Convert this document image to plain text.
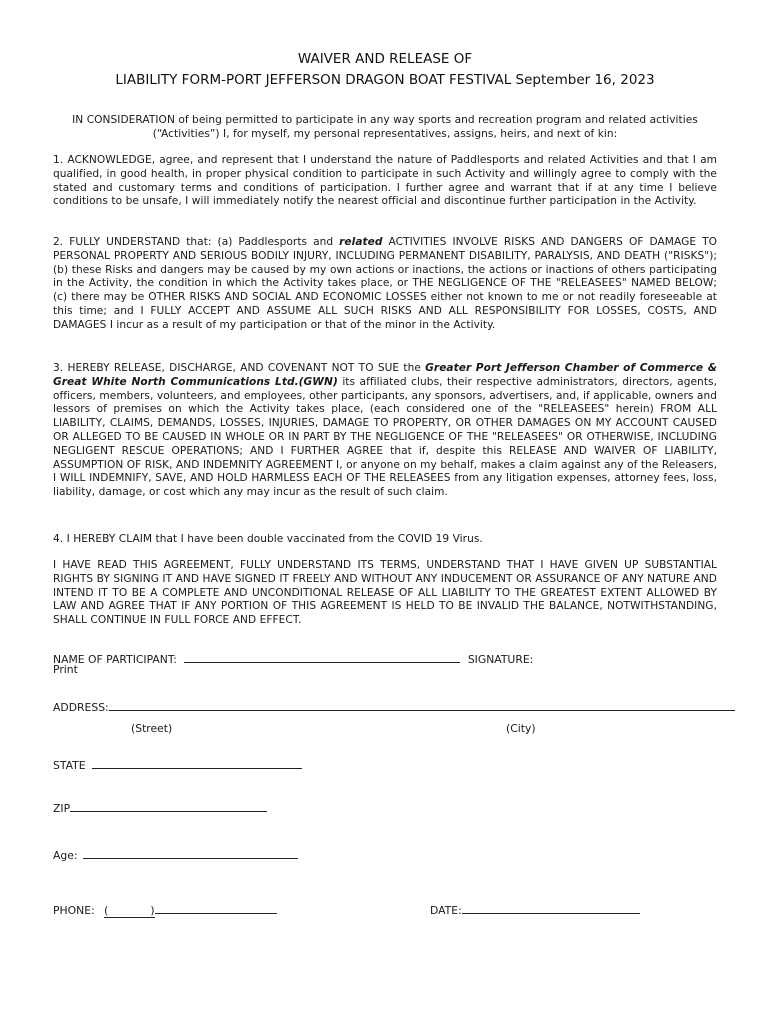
WAIVER AND RELEASE OF
LIABILITY FORM-PORT JEFFERSON DRAGON BOAT FESTIVAL September 16, 2023

IN CONSIDERATION of being permitted to participate in any way sports and recreation program and related activities (“Activities”) I, for myself, my personal representatives, assigns, heirs, and next of kin:

1. ACKNOWLEDGE, agree, and represent that I understand the nature of Paddlesports and related Activities and that I am qualified, in good health, in proper physical condition to participate in such Activity and willingly agree to comply with the stated and customary terms and conditions of participation. I further agree and warrant that if at any time I believe conditions to be unsafe, I will immediately notify the nearest official and discontinue further participation in the Activity.

2. FULLY UNDERSTAND that: (a) Paddlesports and related ACTIVITIES INVOLVE RISKS AND DANGERS OF DAMAGE TO PERSONAL PROPERTY AND SERIOUS BODILY INJURY, INCLUDING PERMANENT DISABILITY, PARALYSIS, AND DEATH ("RISKS"); (b) these Risks and dangers may be caused by my own actions or inactions, the actions or inactions of others participating in the Activity, the condition in which the Activity takes place, or THE NEGLIGENCE OF THE "RELEASEES" NAMED BELOW; (c) there may be OTHER RISKS AND SOCIAL AND ECONOMIC LOSSES either not known to me or not readily foreseeable at this time; and I FULLY ACCEPT AND ASSUME ALL SUCH RISKS AND ALL RESPONSIBILITY FOR LOSSES, COSTS, AND DAMAGES I incur as a result of my participation or that of the minor in the Activity.

3. HEREBY RELEASE, DISCHARGE, AND COVENANT NOT TO SUE the Greater Port Jefferson Chamber of Commerce & Great White North Communications Ltd.(GWN) its affiliated clubs, their respective administrators, directors, agents, officers, members, volunteers, and employees, other participants, any sponsors, advertisers, and, if applicable, owners and lessors of premises on which the Activity takes place, (each considered one of the "RELEASEES" herein) FROM ALL LIABILITY, CLAIMS, DEMANDS, LOSSES, INJURIES, DAMAGE TO PROPERTY, OR OTHER DAMAGES ON MY ACCOUNT CAUSED OR ALLEGED TO BE CAUSED IN WHOLE OR IN PART BY THE NEGLIGENCE OF THE "RELEASEES" OR OTHERWISE, INCLUDING NEGLIGENT RESCUE OPERATIONS; AND I FURTHER AGREE that if, despite this RELEASE AND WAIVER OF LIABILITY, ASSUMPTION OF RISK, AND INDEMNITY AGREEMENT I, or anyone on my behalf, makes a claim against any of the Releasers, I WILL INDEMNIFY, SAVE, AND HOLD HARMLESS EACH OF THE RELEASEES from any litigation expenses, attorney fees, loss, liability, damage, or cost which any may incur as the result of such claim.

4. I HEREBY CLAIM that I have been double vaccinated from the COVID 19 Virus.

I HAVE READ THIS AGREEMENT, FULLY UNDERSTAND ITS TERMS, UNDERSTAND THAT I HAVE GIVEN UP SUBSTANTIAL RIGHTS BY SIGNING IT AND HAVE SIGNED IT FREELY AND WITHOUT ANY INDUCEMENT OR ASSURANCE OF ANY NATURE AND INTEND IT TO BE A COMPLETE AND UNCONDITIONAL RELEASE OF ALL LIABILITY TO THE GREATEST EXTENT ALLOWED BY LAW AND AGREE THAT IF ANY PORTION OF THIS AGREEMENT IS HELD TO BE INVALID THE BALANCE, NOTWITHSTANDING, SHALL CONTINUE IN FULL FORCE AND EFFECT.

NAME OF PARTICIPANT:	SIGNATURE:
Print
ADDRESS:
(Street)	(City)
STATE
ZIP
Age:
PHONE: (	)	DATE:
